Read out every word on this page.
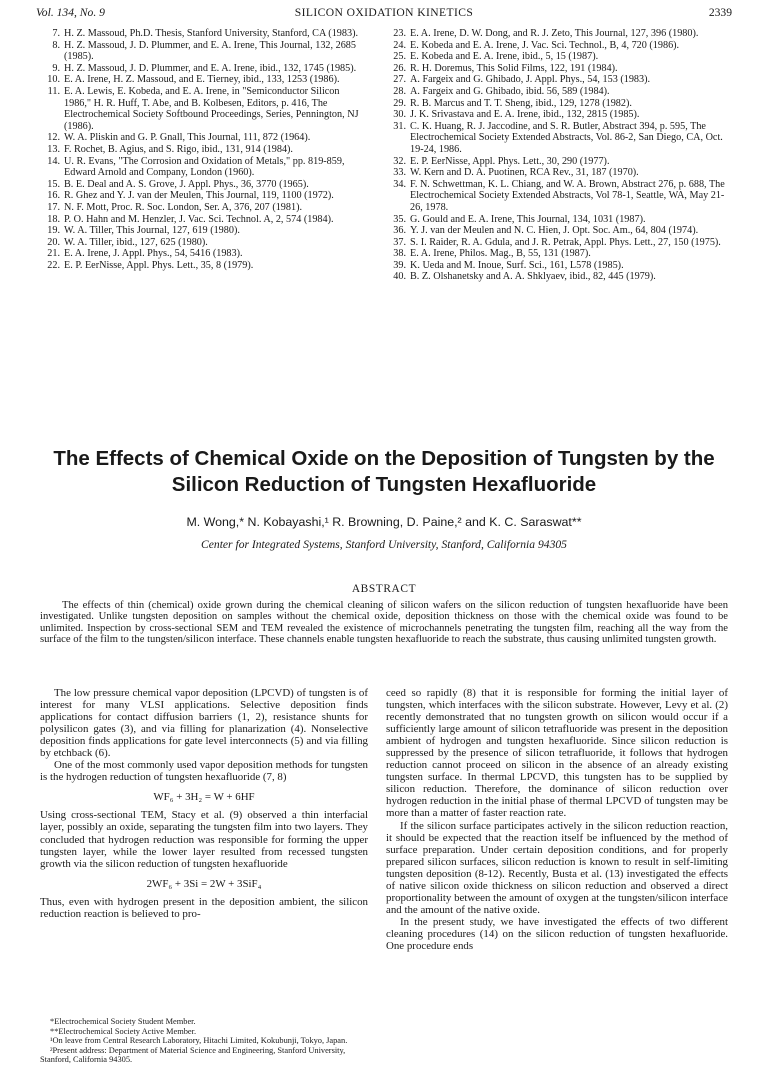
Vol. 134, No. 9	SILICON OXIDATION KINETICS	2339

7. H. Z. Massoud, Ph.D. Thesis, Stanford University, Stanford, CA (1983).

8. H. Z. Massoud, J. D. Plummer, and E. A. Irene, This Journal, 132, 2685 (1985).

9. H. Z. Massoud, J. D. Plummer, and E. A. Irene, ibid., 132, 1745 (1985).

10. E. A. Irene, H. Z. Massoud, and E. Tierney, ibid., 133, 1253 (1986).

11. E. A. Lewis, E. Kobeda, and E. A. Irene, in "Semiconductor Silicon 1986," H. R. Huff, T. Abe, and B. Kolbesen, Editors, p. 416, The Electrochemical Society Softbound Proceedings, Series, Pennington, NJ (1986).

12. W. A. Pliskin and G. P. Gnall, This Journal, 111, 872 (1964).

13. F. Rochet, B. Agius, and S. Rigo, ibid., 131, 914 (1984).

14. U. R. Evans, "The Corrosion and Oxidation of Metals," pp. 819-859, Edward Arnold and Company, London (1960).

15. B. E. Deal and A. S. Grove, J. Appl. Phys., 36, 3770 (1965).

16. R. Ghez and Y. J. van der Meulen, This Journal, 119, 1100 (1972).

17. N. F. Mott, Proc. R. Soc. London, Ser. A, 376, 207 (1981).

18. P. O. Hahn and M. Henzler, J. Vac. Sci. Technol. A, 2, 574 (1984).

19. W. A. Tiller, This Journal, 127, 619 (1980).

20. W. A. Tiller, ibid., 127, 625 (1980).

21. E. A. Irene, J. Appl. Phys., 54, 5416 (1983).

22. E. P. EerNisse, Appl. Phys. Lett., 35, 8 (1979).

23. E. A. Irene, D. W. Dong, and R. J. Zeto, This Journal, 127, 396 (1980).

24. E. Kobeda and E. A. Irene, J. Vac. Sci. Technol., B, 4, 720 (1986).

25. E. Kobeda and E. A. Irene, ibid., 5, 15 (1987).

26. R. H. Doremus, This Solid Films, 122, 191 (1984).

27. A. Fargeix and G. Ghibado, J. Appl. Phys., 54, 153 (1983).

28. A. Fargeix and G. Ghibado, ibid. 56, 589 (1984).

29. R. B. Marcus and T. T. Sheng, ibid., 129, 1278 (1982).

30. J. K. Srivastava and E. A. Irene, ibid., 132, 2815 (1985).

31. C. K. Huang, R. J. Jaccodine, and S. R. Butler, Abstract 394, p. 595, The Electrochemical Society Extended Abstracts, Vol. 86-2, San Diego, CA, Oct. 19-24, 1986.

32. E. P. EerNisse, Appl. Phys. Lett., 30, 290 (1977).

33. W. Kern and D. A. Puotinen, RCA Rev., 31, 187 (1970).

34. F. N. Schwettman, K. L. Chiang, and W. A. Brown, Abstract 276, p. 688, The Electrochemical Society Extended Abstracts, Vol 78-1, Seattle, WA, May 21-26, 1978.

35. G. Gould and E. A. Irene, This Journal, 134, 1031 (1987).

36. Y. J. van der Meulen and N. C. Hien, J. Opt. Soc. Am., 64, 804 (1974).

37. S. I. Raider, R. A. Gdula, and J. R. Petrak, Appl. Phys. Lett., 27, 150 (1975).

38. E. A. Irene, Philos. Mag., B, 55, 131 (1987).

39. K. Ueda and M. Inoue, Surf. Sci., 161, L578 (1985).

40. B. Z. Olshanetsky and A. A. Shklyaev, ibid., 82, 445 (1979).

The Effects of Chemical Oxide on the Deposition of Tungsten by the
Silicon Reduction of Tungsten Hexafluoride
M. Wong,* N. Kobayashi,¹ R. Browning, D. Paine,² and K. C. Saraswat**
Center for Integrated Systems, Stanford University, Stanford, California 94305
ABSTRACT

The effects of thin (chemical) oxide grown during the chemical cleaning of silicon wafers on the silicon reduction of tungsten hexafluoride have been investigated. Unlike tungsten deposition on samples without the chemical oxide, deposition thickness on those with the chemical oxide was found to be unlimited. Inspection by cross-sectional SEM and TEM revealed the existence of microchannels penetrating the tungsten film, reaching all the way from the surface of the film to the tungsten/silicon interface. These channels enable tungsten hexafluoride to reach the substrate, thus causing unlimited tungsten growth.

The low pressure chemical vapor deposition (LPCVD) of tungsten is of interest for many VLSI applications. Selective deposition finds applications for contact diffusion barriers (1, 2), resistance shunts for polysilicon gates (3), and via filling for planarization (4). Nonselective deposition finds applications for gate level interconnects (5) and via filling by etchback (6).

One of the most commonly used vapor deposition methods for tungsten is the hydrogen reduction of tungsten hexafluoride (7, 8)

WF₆ + 3H₂ = W + 6HF

Using cross-sectional TEM, Stacy et al. (9) observed a thin interfacial layer, possibly an oxide, separating the tungsten film into two layers. They concluded that hydrogen reduction was responsible for forming the upper tungsten layer, while the lower layer resulted from recessed tungsten growth via the silicon reduction of tungsten hexafluoride

2WF₆ + 3Si = 2W + 3SiF₄

Thus, even with hydrogen present in the deposition ambient, the silicon reduction reaction is believed to pro-

*Electrochemical Society Student Member.

**Electrochemical Society Active Member.

¹On leave from Central Research Laboratory, Hitachi Limited, Kokubunji, Tokyo, Japan.

²Present address: Department of Material Science and Engineering, Stanford University, Stanford, California 94305.

ceed so rapidly (8) that it is responsible for forming the initial layer of tungsten, which interfaces with the silicon substrate. However, Levy et al. (2) recently demonstrated that no tungsten growth on silicon would occur if a sufficiently large amount of silicon tetrafluoride was present in the deposition ambient of hydrogen and tungsten hexafluoride. Since silicon reduction is suppressed by the presence of silicon tetrafluoride, it follows that hydrogen reduction cannot proceed on silicon in the absence of an already existing tungsten surface. In thermal LPCVD, this tungsten has to be supplied by silicon reduction. Therefore, the dominance of silicon reduction over hydrogen reduction in the initial phase of thermal LPCVD of tungsten may be more than a matter of faster reaction rate.

If the silicon surface participates actively in the silicon reduction reaction, it should be expected that the reaction itself be influenced by the method of surface preparation. Under certain deposition conditions, and for properly prepared silicon surfaces, silicon reduction is known to result in self-limiting tungsten deposition (8-12). Recently, Busta et al. (13) investigated the effects of native silicon oxide thickness on silicon reduction and observed a direct proportionality between the amount of oxygen at the tungsten/silicon interface and the amount of the native oxide.

In the present study, we have investigated the effects of two different cleaning procedures (14) on the silicon reduction of tungsten hexafluoride. One procedure ends
